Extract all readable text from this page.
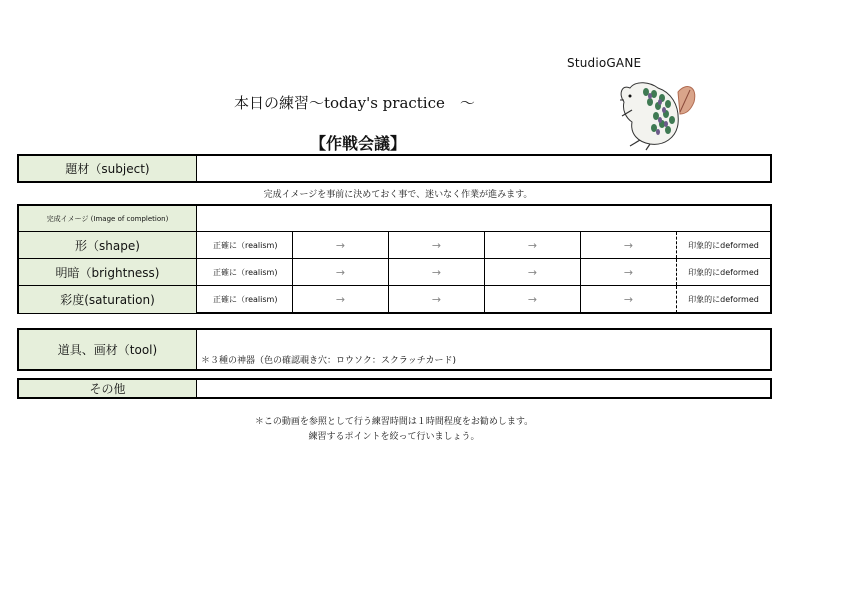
StudioGANE
本日の練習〜today's practice　〜
【作戦会議】
題材（subject)
完成イメージを事前に決めておく事で、迷いなく作業が進みます。
完成イメージ (Image of completion)
形（shape)	正確に（realism)	→	→	→	→	印象的にdeformed
明暗（brightness)	正確に（realism)	→	→	→	→	印象的にdeformed
彩度(saturation)	正確に（realism)	→	→	→	→	印象的にdeformed
道具、画材（tool)
＊３種の神器（色の確認覗き穴：ロウソク：スクラッチカード)
その他
＊この動画を参照として行う練習時間は１時間程度をお勧めします。
練習するポイントを絞って行いましょう。
